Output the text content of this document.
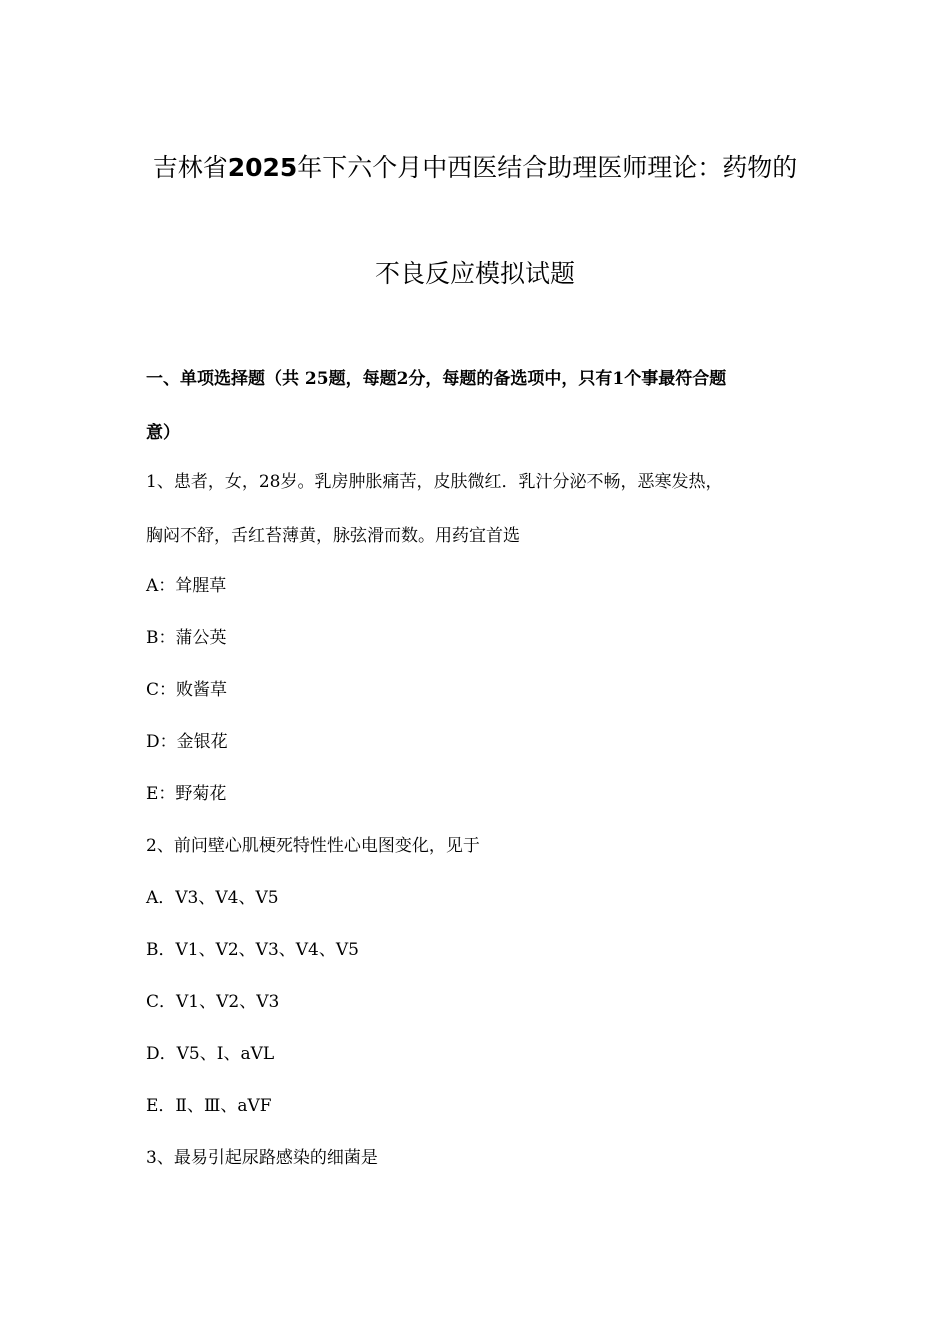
吉林省2025年下六个月中西医结合助理医师理论：药物的
不良反应模拟试题
一、单项选择题（共 25题，每题2分，每题的备选项中，只有1个事最符合题
意）
1、患者，女，28岁。乳房肿胀痛苦，皮肤微红．乳汁分泌不畅，恶寒发热，
胸闷不舒，舌红苔薄黄，脉弦滑而数。用药宜首选
A：耸腥草
B：蒲公英
C：败酱草
D：金银花
E：野菊花
2、前问壁心肌梗死特性性心电图变化，见于
A．Ⅴ3、Ⅴ4、Ⅴ5
B．Ⅴ1、Ⅴ2、Ⅴ3、Ⅴ4、Ⅴ5
C．Ⅴ1、Ⅴ2、Ⅴ3
D．Ⅴ5、Ⅰ、aVL
E．Ⅱ、Ⅲ、aVF
3、最易引起尿路感染的细菌是
